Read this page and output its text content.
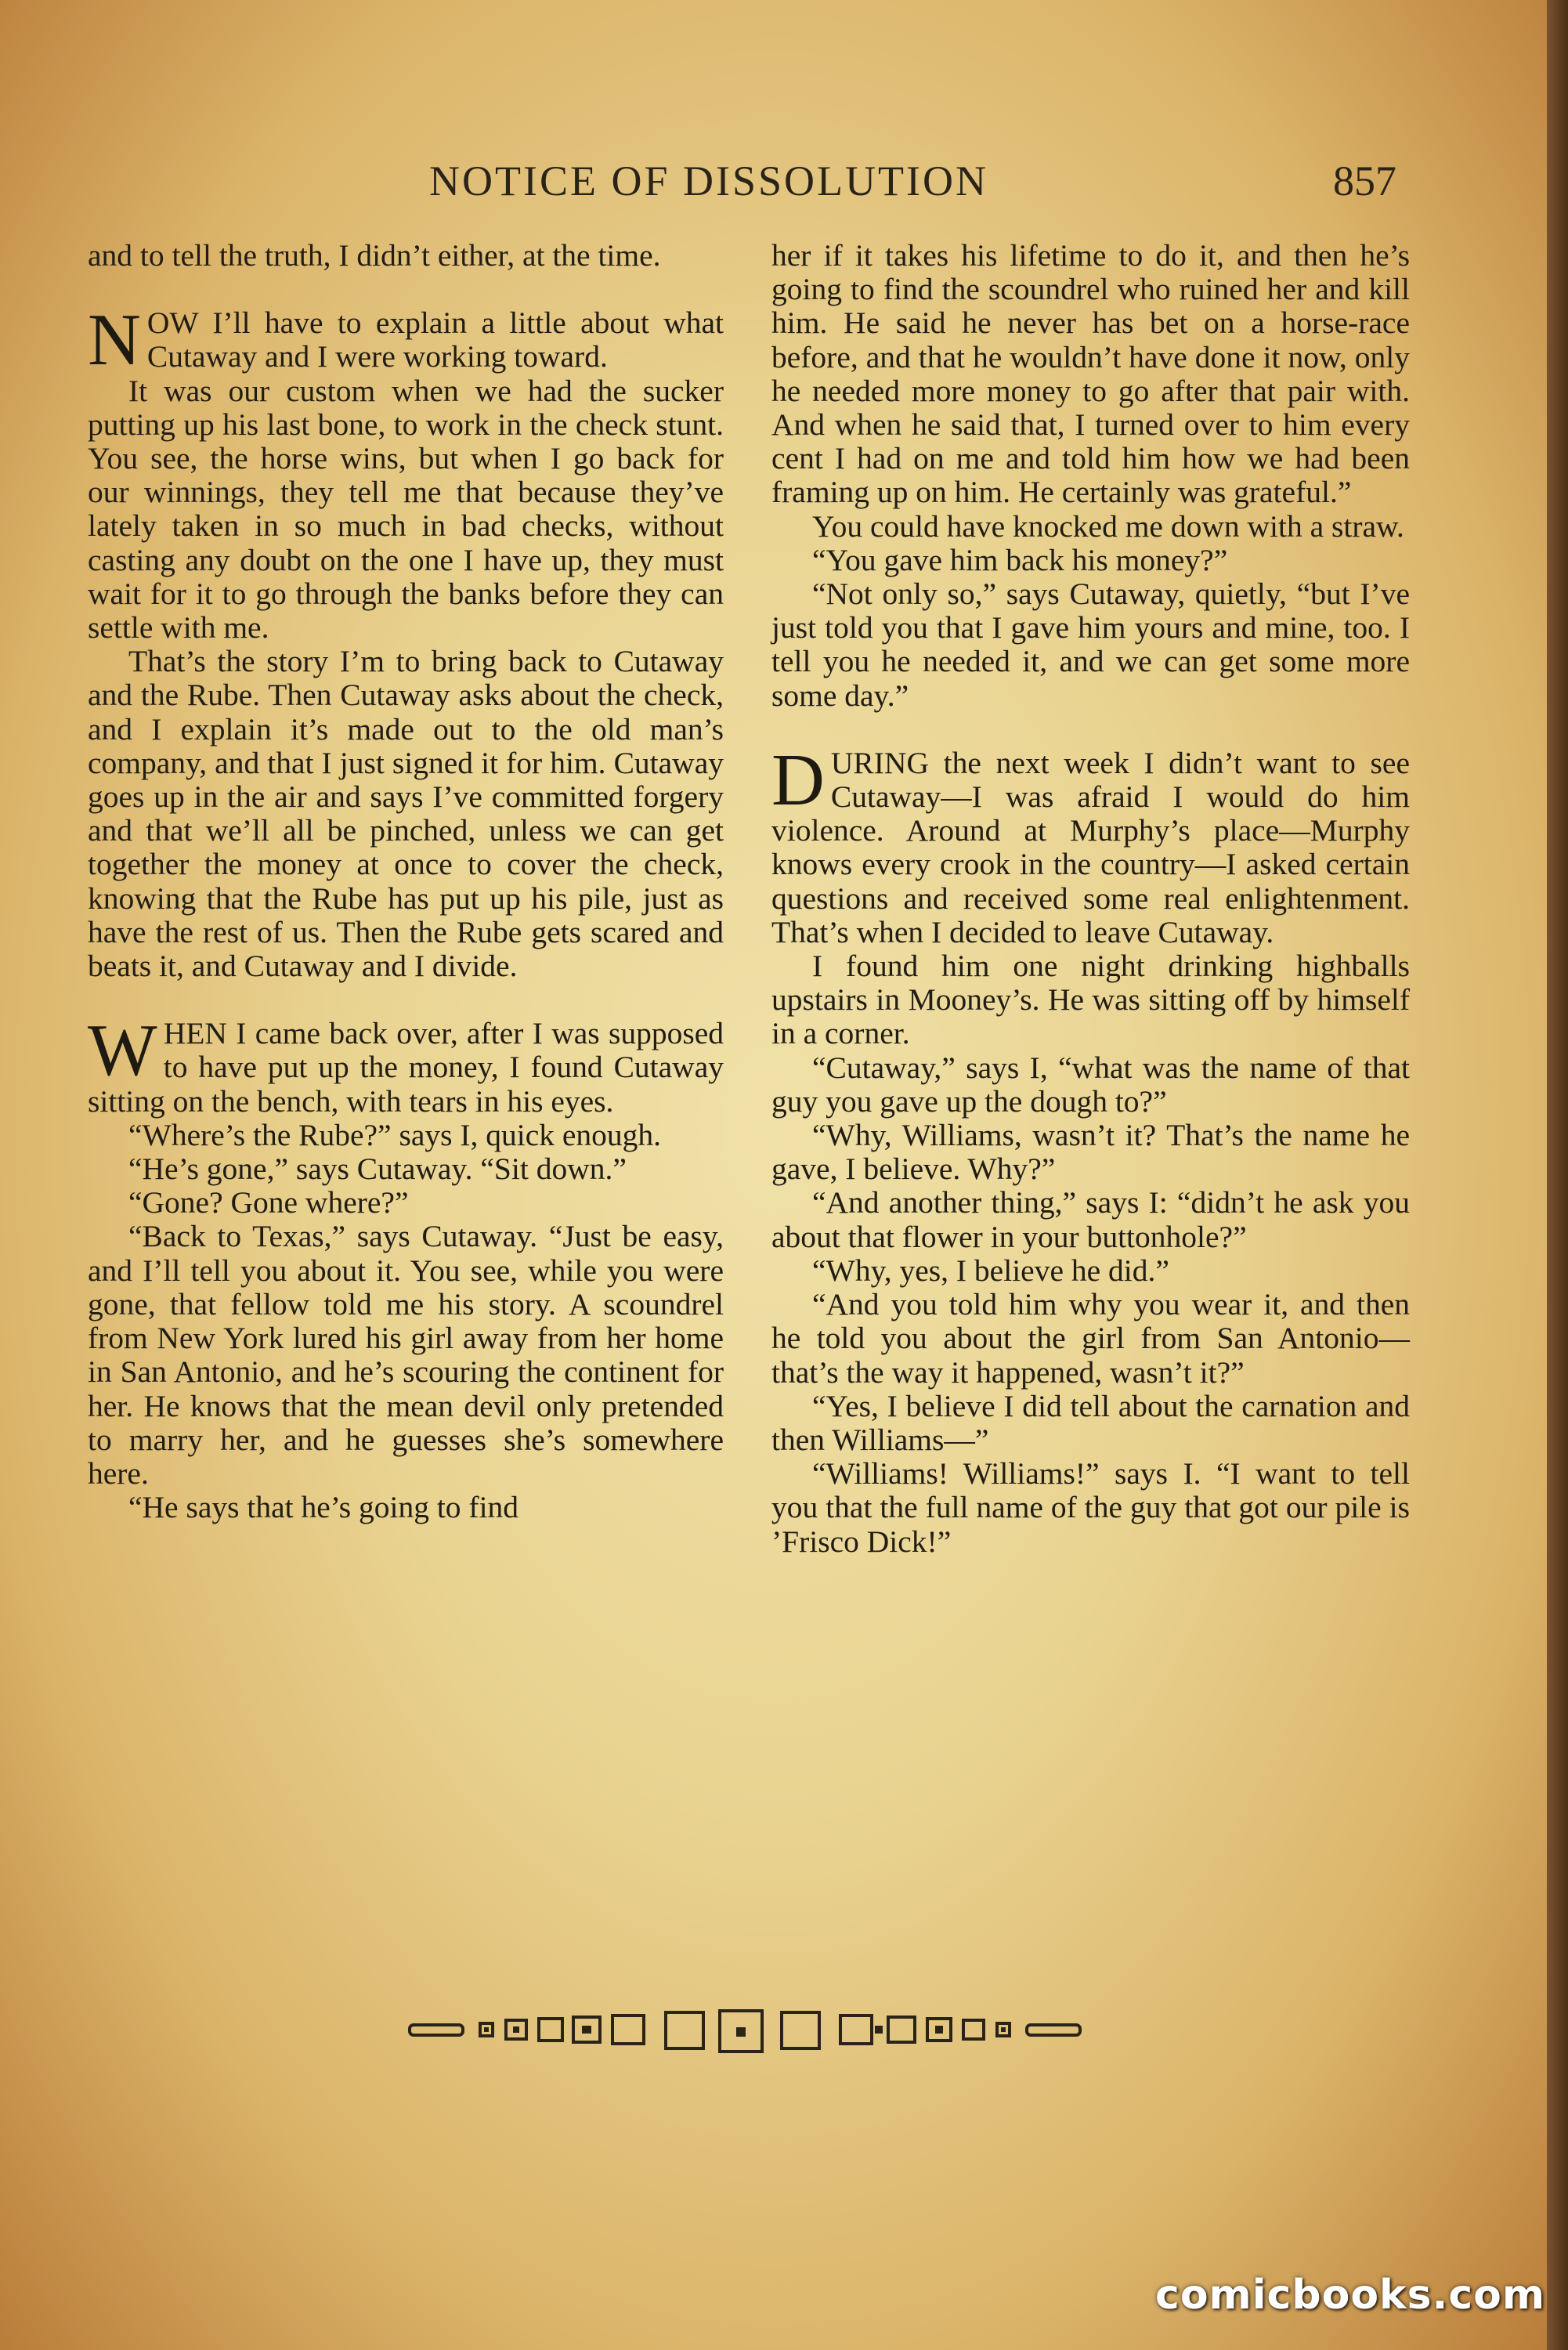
NOTICE OF DISSOLUTION	857

and to tell the truth, I didn’t either, at the time.

NOW I’ll have to explain a little about what Cutaway and I were working toward.

It was our custom when we had the sucker putting up his last bone, to work in the check stunt. You see, the horse wins, but when I go back for our winnings, they tell me that because they’ve lately taken in so much in bad checks, without casting any doubt on the one I have up, they must wait for it to go through the banks before they can settle with me.

That’s the story I’m to bring back to Cutaway and the Rube. Then Cutaway asks about the check, and I explain it’s made out to the old man’s company, and that I just signed it for him. Cutaway goes up in the air and says I’ve committed forgery and that we’ll all be pinched, unless we can get together the money at once to cover the check, knowing that the Rube has put up his pile, just as have the rest of us. Then the Rube gets scared and beats it, and Cutaway and I divide.

WHEN I came back over, after I was supposed to have put up the money, I found Cutaway sitting on the bench, with tears in his eyes.

“Where’s the Rube?” says I, quick enough.

“He’s gone,” says Cutaway. “Sit down.”

“Gone? Gone where?”

“Back to Texas,” says Cutaway. “Just be easy, and I’ll tell you about it. You see, while you were gone, that fellow told me his story. A scoundrel from New York lured his girl away from her home in San Antonio, and he’s scouring the continent for her. He knows that the mean devil only pretended to marry her, and he guesses she’s somewhere here.

“He says that he’s going to find

her if it takes his lifetime to do it, and then he’s going to find the scoundrel who ruined her and kill him. He said he never has bet on a horse-race before, and that he wouldn’t have done it now, only he needed more money to go after that pair with. And when he said that, I turned over to him every cent I had on me and told him how we had been framing up on him. He certainly was grateful.”

You could have knocked me down with a straw.

“You gave him back his money?”

“Not only so,” says Cutaway, quietly, “but I’ve just told you that I gave him yours and mine, too. I tell you he needed it, and we can get some more some day.”

DURING the next week I didn’t want to see Cutaway—I was afraid I would do him violence. Around at Murphy’s place—Murphy knows every crook in the country—I asked certain questions and received some real enlightenment. That’s when I decided to leave Cutaway.

I found him one night drinking highballs upstairs in Mooney’s. He was sitting off by himself in a corner.

“Cutaway,” says I, “what was the name of that guy you gave up the dough to?”

“Why, Williams, wasn’t it? That’s the name he gave, I believe. Why?”

“And another thing,” says I: “didn’t he ask you about that flower in your buttonhole?”

“Why, yes, I believe he did.”

“And you told him why you wear it, and then he told you about the girl from San Antonio—that’s the way it happened, wasn’t it?”

“Yes, I believe I did tell about the carnation and then Williams—”

“Williams! Williams!” says I. “I want to tell you that the full name of the guy that got our pile is ’Frisco Dick!”

comicbooks.com
